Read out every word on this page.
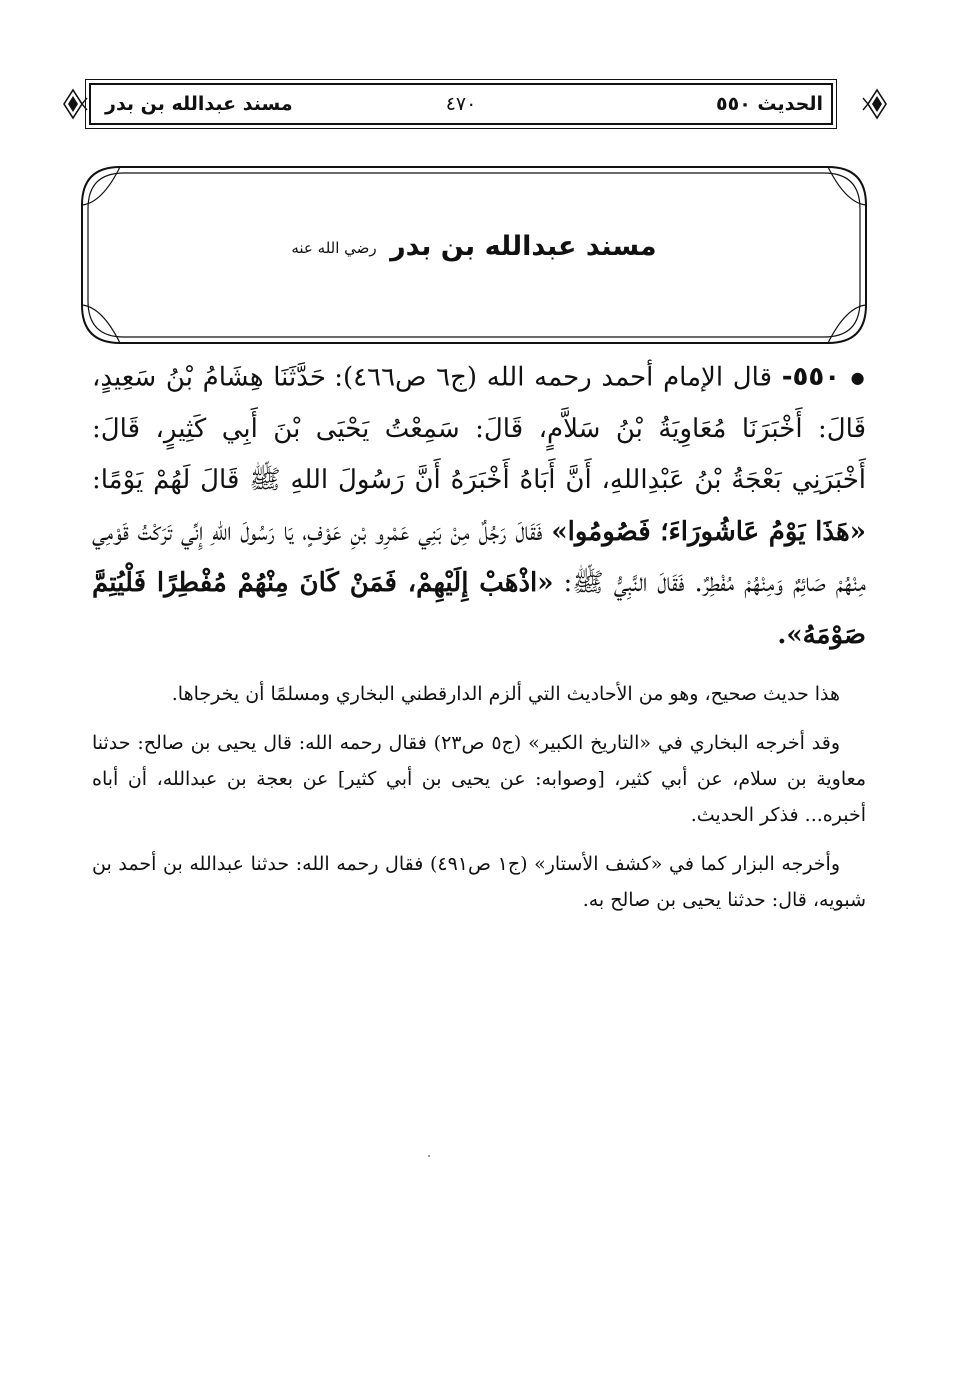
الحديث ٥٥٠
٤٧٠
مسند عبدالله بن بدر
مسند عبدالله بن بدر رضي الله عنه

● ٥٥٠- قال الإمام أحمد رحمه الله (ج٦ ص٤٦٦): حَدَّثَنَا هِشَامُ بْنُ سَعِيدٍ، قَالَ: أَخْبَرَنَا مُعَاوِيَةُ بْنُ سَلاَّمٍ، قَالَ: سَمِعْتُ يَحْيَى بْنَ أَبِي كَثِيرٍ، قَالَ: أَخْبَرَنِي بَعْجَةُ بْنُ عَبْدِاللهِ، أَنَّ أَبَاهُ أَخْبَرَهُ أَنَّ رَسُولَ اللهِ ﷺ قَالَ لَهُمْ يَوْمًا: «هَذَا يَوْمُ عَاشُورَاءَ؛ فَصُومُوا» فَقَالَ رَجُلٌ مِنْ بَنِي عَمْرِو بْنِ عَوْفٍ، يَا رَسُولَ اللهِ إِنِّي تَرَكْتُ قَوْمِي مِنْهُمْ صَائِمٌ وَمِنْهُمْ مُفْطِرٌ. فَقَالَ النَّبِيُّ ﷺ: «اذْهَبْ إِلَيْهِمْ، فَمَنْ كَانَ مِنْهُمْ مُفْطِرًا فَلْيُتِمَّ صَوْمَهُ».

هذا حديث صحيح، وهو من الأحاديث التي ألزم الدارقطني البخاري ومسلمًا أن يخرجاها.

وقد أخرجه البخاري في «التاريخ الكبير» (ج٥ ص٢٣) فقال رحمه الله: قال يحيى بن صالح: حدثنا معاوية بن سلام، عن أبي كثير، [وصوابه: عن يحيى بن أبي كثير] عن بعجة بن عبدالله، أن أباه أخبره... فذكر الحديث.

وأخرجه البزار كما في «كشف الأستار» (ج١ ص٤٩١) فقال رحمه الله: حدثنا عبدالله بن أحمد بن شبويه، قال: حدثنا يحيى بن صالح به.
